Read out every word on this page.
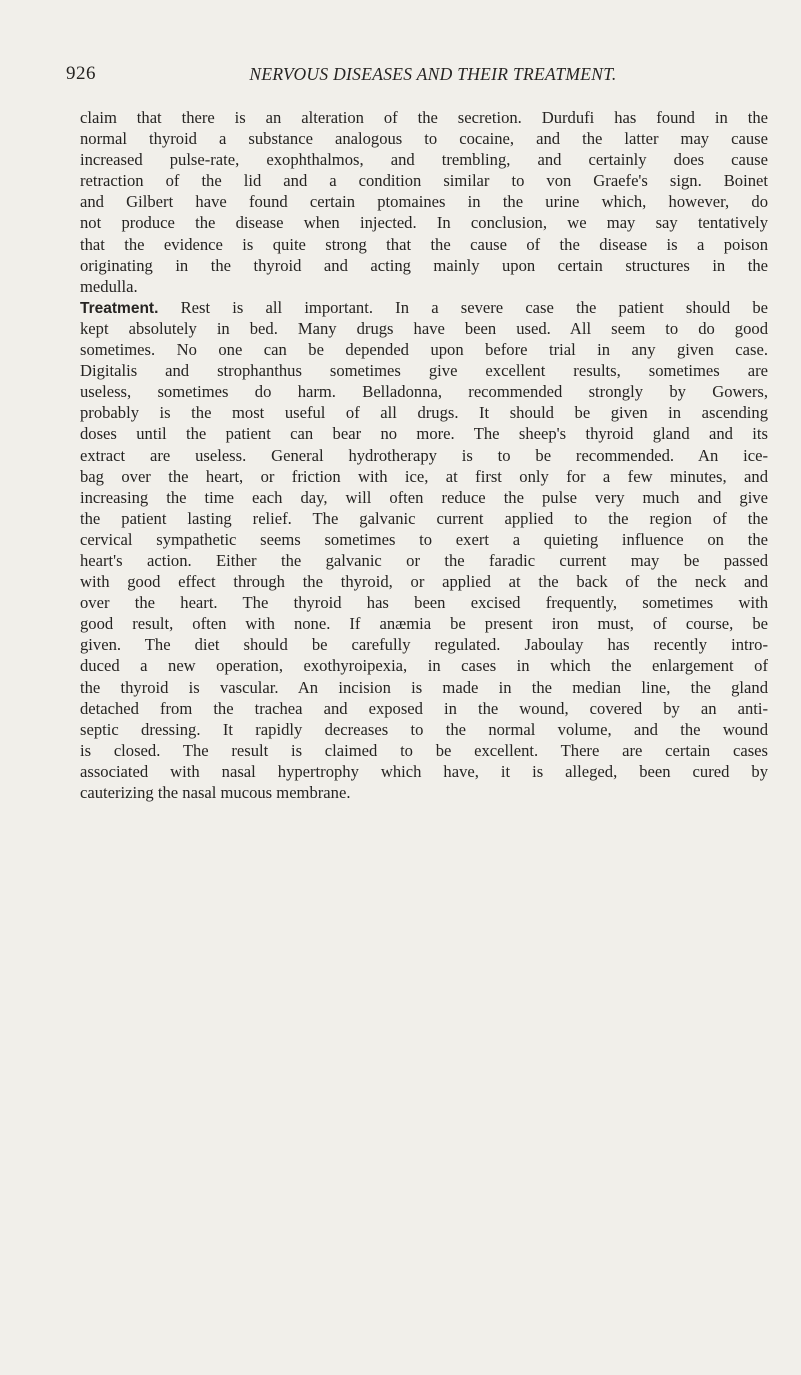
926	NERVOUS DISEASES AND THEIR TREATMENT.
claim that there is an alteration of the secretion. Durdufi has found in the
normal thyroid a substance analogous to cocaine, and the latter may cause
increased pulse-rate, exophthalmos, and trembling, and certainly does cause
retraction of the lid and a condition similar to von Graefe's sign. Boinet
and Gilbert have found certain ptomaines in the urine which, however, do
not produce the disease when injected. In conclusion, we may say tentatively
that the evidence is quite strong that the cause of the disease is a poison
originating in the thyroid and acting mainly upon certain structures in the
medulla.
Treatment. Rest is all important. In a severe case the patient should be
kept absolutely in bed. Many drugs have been used. All seem to do good
sometimes. No one can be depended upon before trial in any given case.
Digitalis and strophanthus sometimes give excellent results, sometimes are
useless, sometimes do harm. Belladonna, recommended strongly by Gowers,
probably is the most useful of all drugs. It should be given in ascending
doses until the patient can bear no more. The sheep's thyroid gland and its
extract are useless. General hydrotherapy is to be recommended. An ice-
bag over the heart, or friction with ice, at first only for a few minutes, and
increasing the time each day, will often reduce the pulse very much and give
the patient lasting relief. The galvanic current applied to the region of the
cervical sympathetic seems sometimes to exert a quieting influence on the
heart's action. Either the galvanic or the faradic current may be passed
with good effect through the thyroid, or applied at the back of the neck and
over the heart. The thyroid has been excised frequently, sometimes with
good result, often with none. If anæmia be present iron must, of course, be
given. The diet should be carefully regulated. Jaboulay has recently intro-
duced a new operation, exothyroipexia, in cases in which the enlargement of
the thyroid is vascular. An incision is made in the median line, the gland
detached from the trachea and exposed in the wound, covered by an anti-
septic dressing. It rapidly decreases to the normal volume, and the wound
is closed. The result is claimed to be excellent. There are certain cases
associated with nasal hypertrophy which have, it is alleged, been cured by
cauterizing the nasal mucous membrane.
